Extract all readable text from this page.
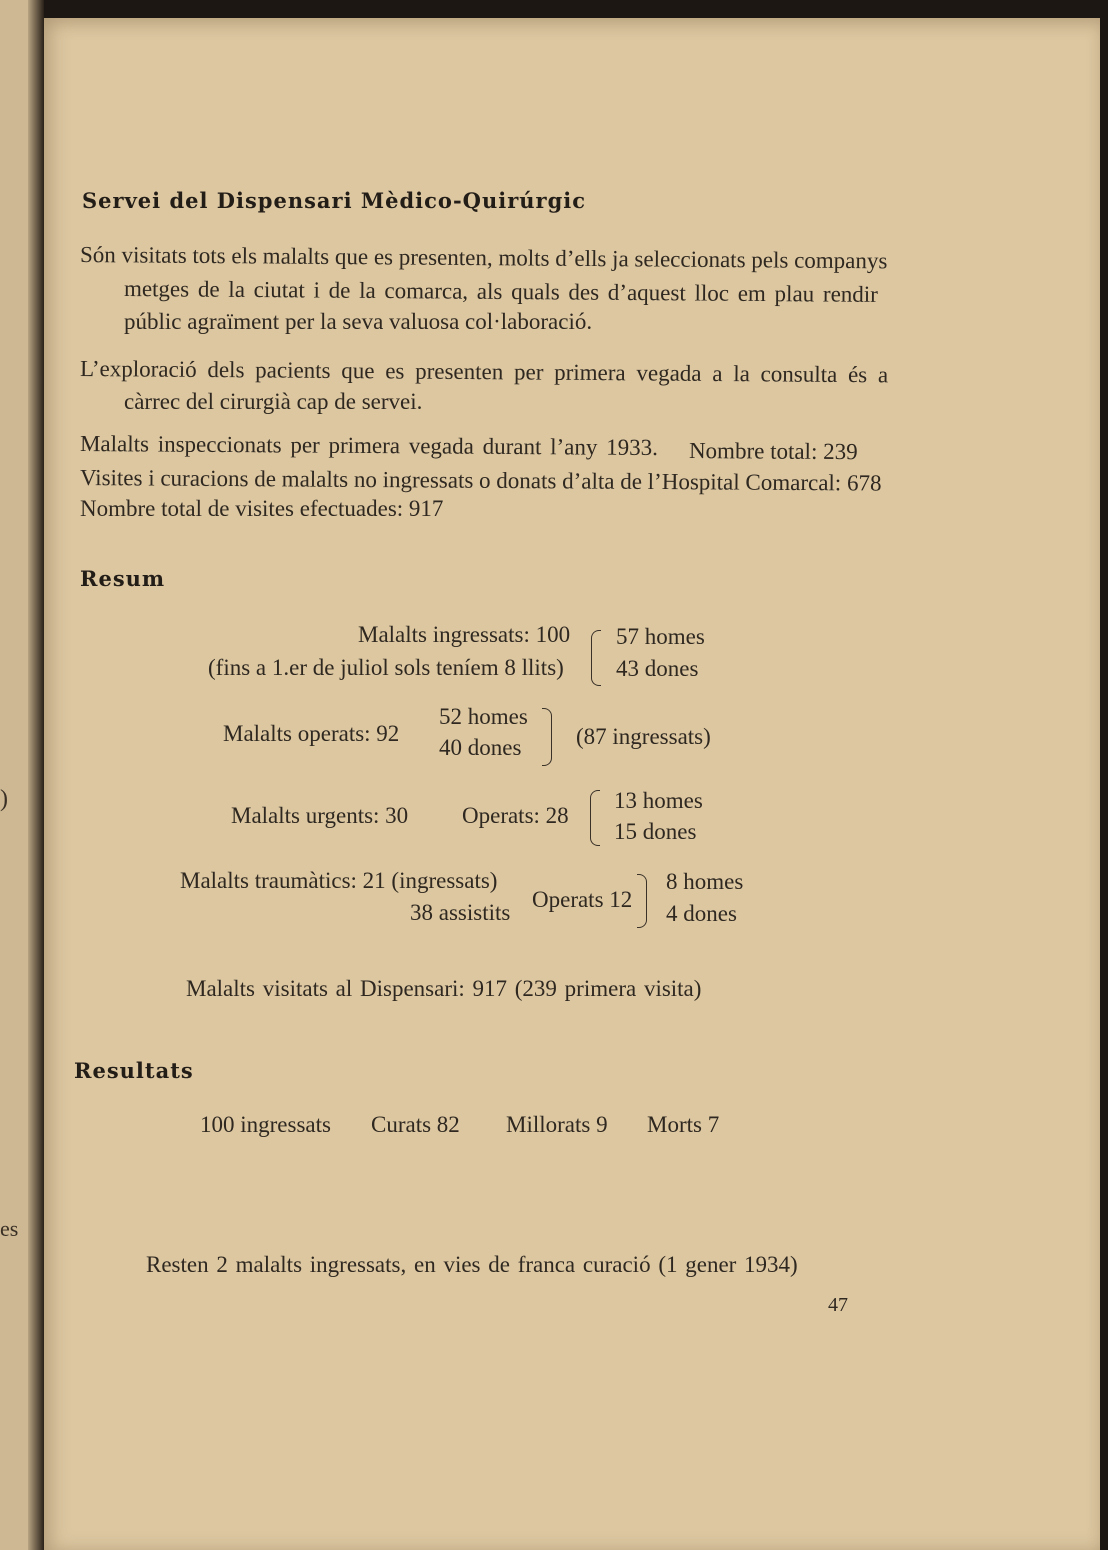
)
es
Servei del Dispensari Mèdico-Quirúrgic
Són visitats tots els malalts que es presenten, molts d’ells ja seleccionats pels companys
metges de la ciutat i de la comarca, als quals des d’aquest lloc em plau rendir
públic agraïment per la seva valuosa col·laboració.
L’exploració dels pacients que es presenten per primera vegada a la consulta és a
càrrec del cirurgià cap de servei.
Malalts inspeccionats per primera vegada durant l’any 1933. Nombre total: 239
Visites i curacions de malalts no ingressats o donats d’alta de l’Hospital Comarcal: 678
Nombre total de visites efectuades: 917
Resum
Malalts ingressats: 100
(fins a 1.er de juliol sols teníem 8 llits)
57 homes
43 dones
Malalts operats: 92
52 homes
40 dones (87 ingressats)
Malalts urgents: 30 Operats: 28
13 homes
15 dones
Malalts traumàtics: 21 (ingressats)
38 assistits
Operats 12
8 homes
4 dones
Malalts visitats al Dispensari: 917 (239 primera visita)
Resultats
100 ingressats Curats 82 Millorats 9 Morts 7
Resten 2 malalts ingressats, en vies de franca curació (1 gener 1934)
47
